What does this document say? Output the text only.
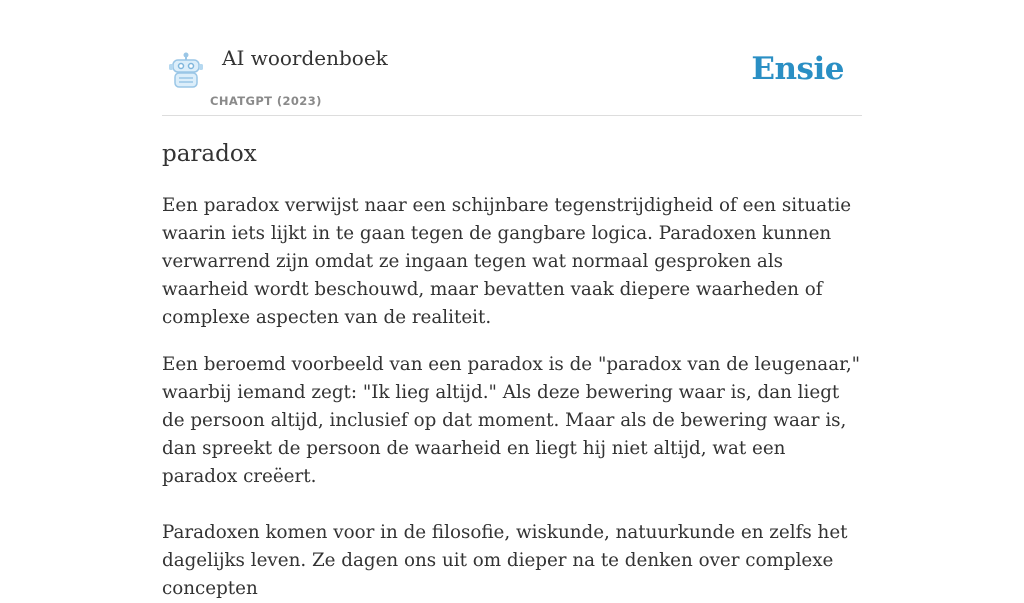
AI woordenboek
CHATGPT (2023)
Ensie
paradox

Een paradox verwijst naar een schijnbare tegenstrijdigheid of een situatie waarin iets lijkt in te gaan tegen de gangbare logica. Paradoxen kunnen verwarrend zijn omdat ze ingaan tegen wat normaal gesproken als waarheid wordt beschouwd, maar bevatten vaak diepere waarheden of complexe aspecten van de realiteit.

Een beroemd voorbeeld van een paradox is de "paradox van de leugenaar," waarbij iemand zegt: "Ik lieg altijd." Als deze bewering waar is, dan liegt de persoon altijd, inclusief op dat moment. Maar als de bewering waar is, dan spreekt de persoon de waarheid en liegt hij niet altijd, wat een paradox creëert.

Paradoxen komen voor in de filosofie, wiskunde, natuurkunde en zelfs het dagelijks leven. Ze dagen ons uit om dieper na te denken over complexe concepten
